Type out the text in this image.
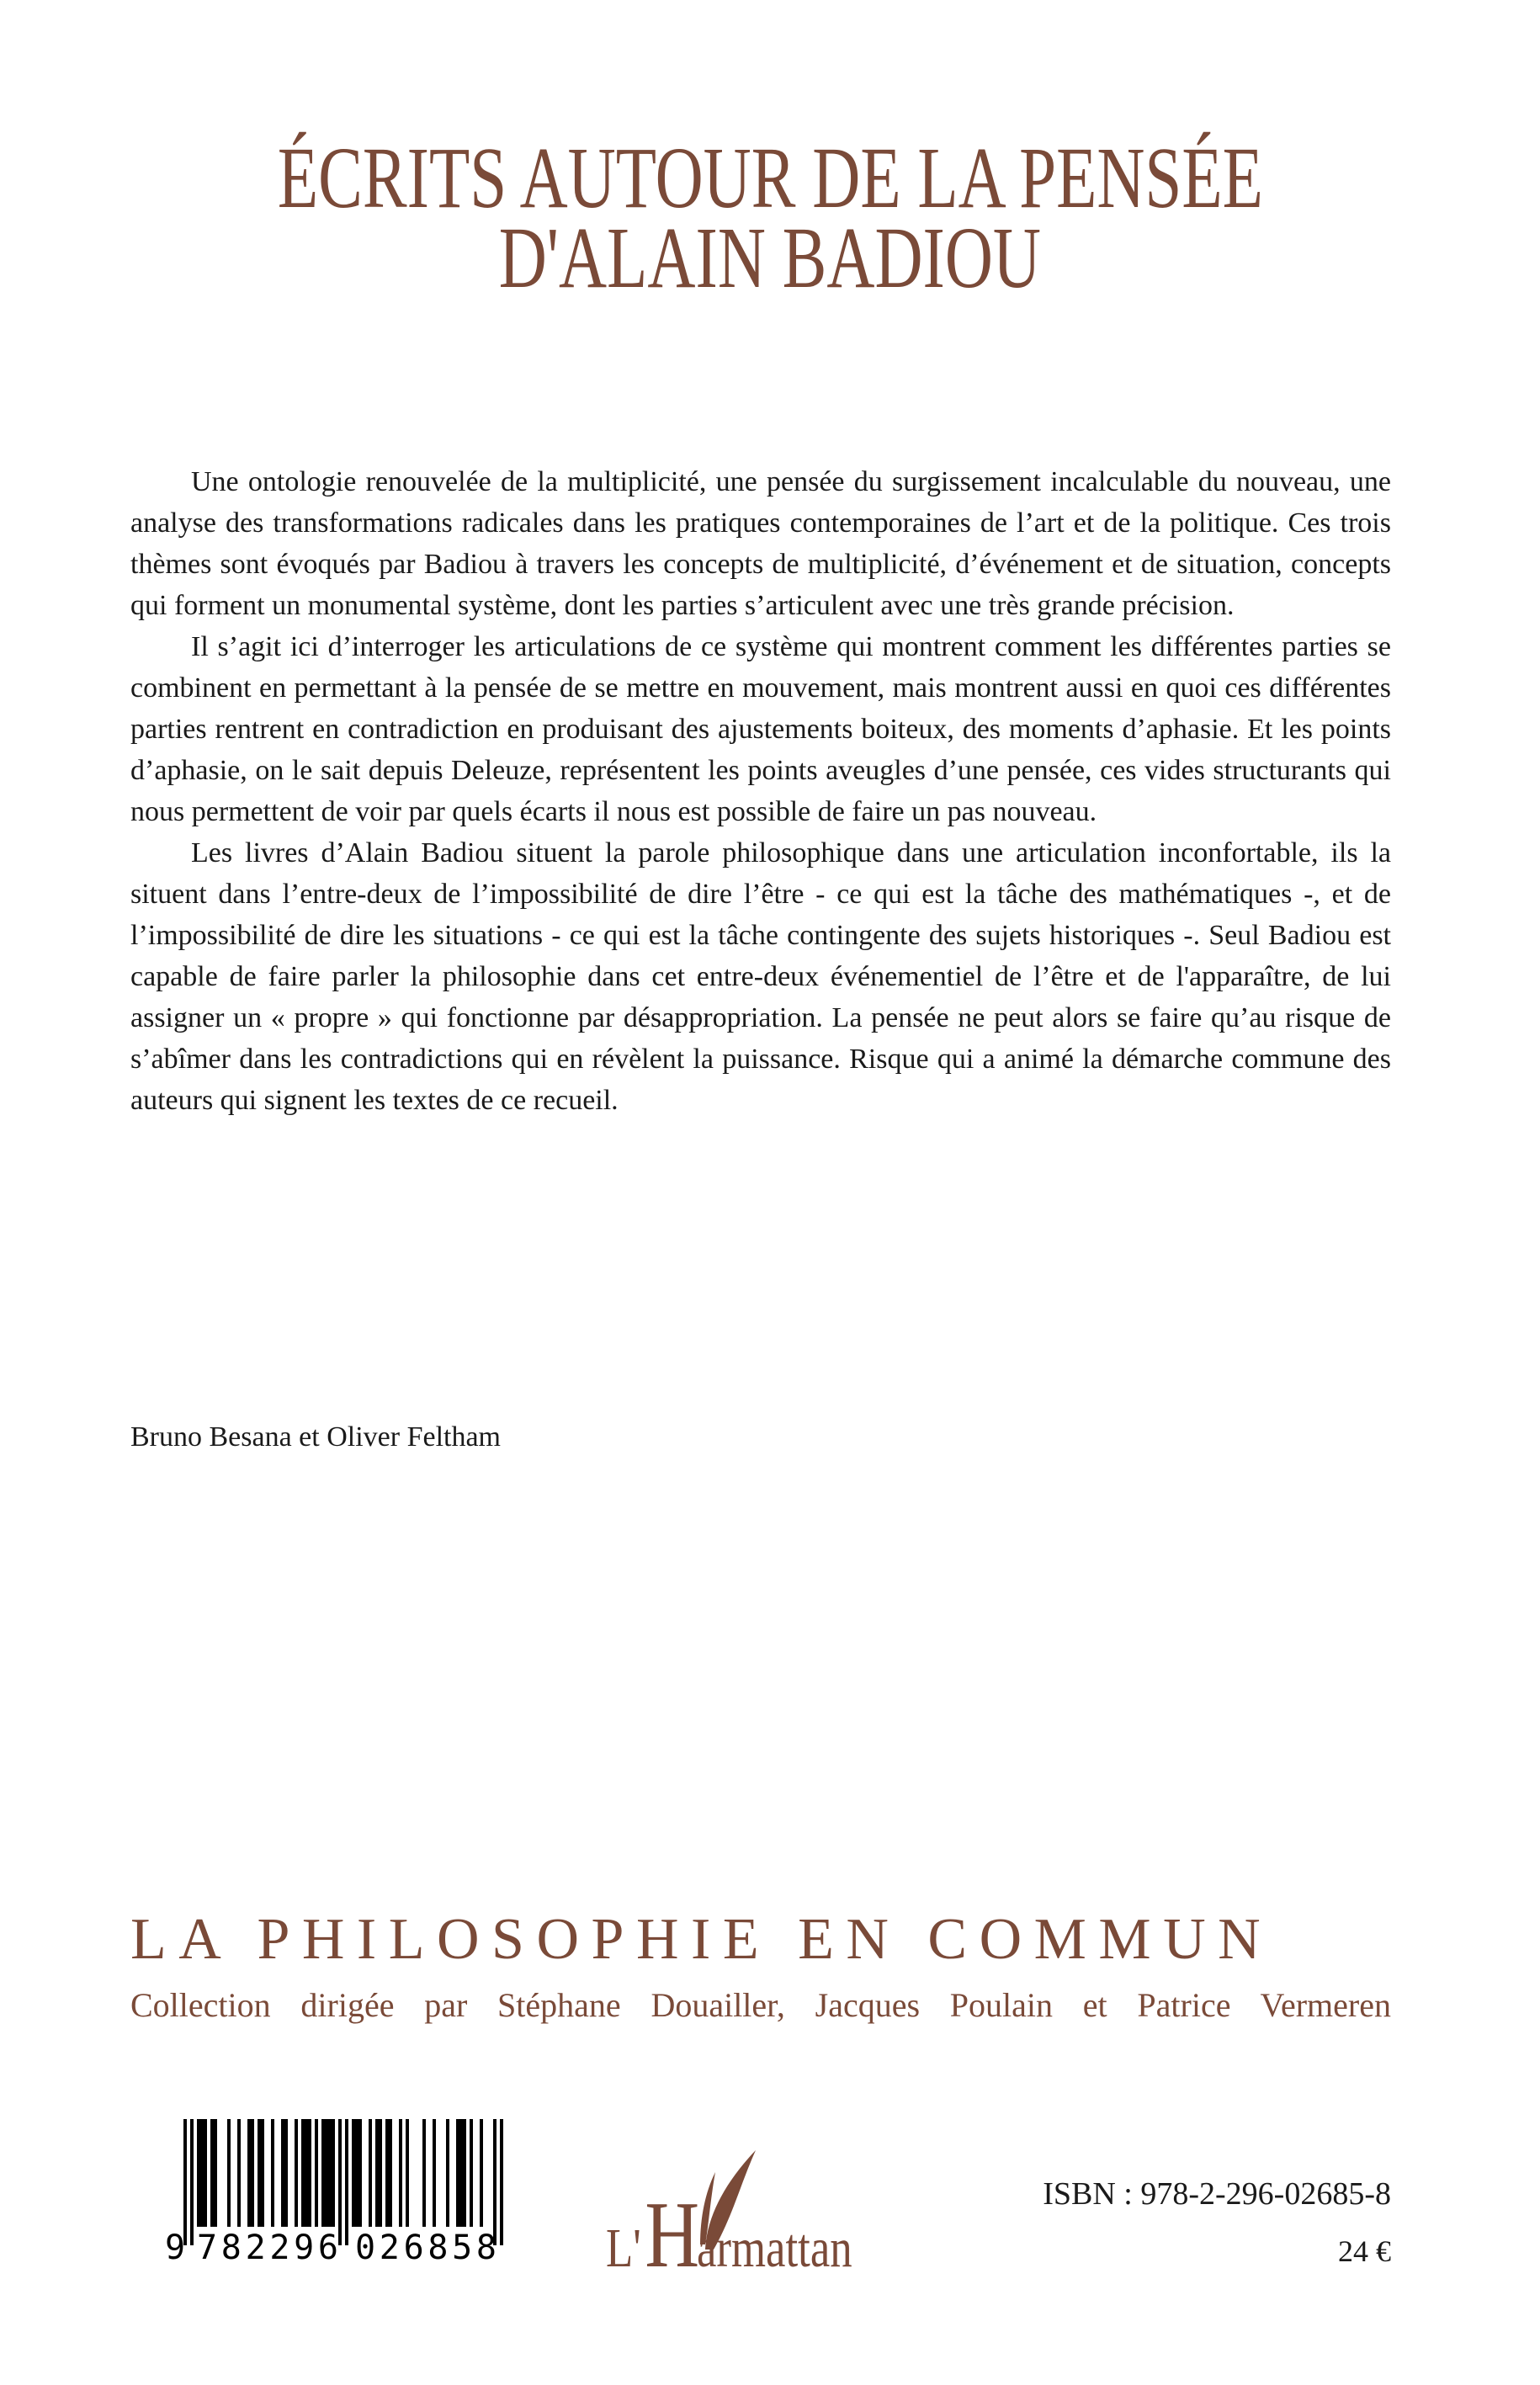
ÉCRITS AUTOUR DE LA PENSÉE
D'ALAIN BADIOU

Une ontologie renouvelée de la multiplicité, une pensée du surgissement incalculable du nouveau, une analyse des transformations radicales dans les pratiques contemporaines de l’art et de la politique. Ces trois thèmes sont évoqués par Badiou à travers les concepts de multiplicité, d’événement et de situation, concepts qui forment un monumental système, dont les parties s’articulent avec une très grande précision.

Il s’agit ici d’interroger les articulations de ce système qui montrent comment les différentes parties se combinent en permettant à la pensée de se mettre en mouvement, mais montrent aussi en quoi ces différentes parties rentrent en contradiction en produisant des ajustements boiteux, des moments d’aphasie. Et les points d’aphasie, on le sait depuis Deleuze, représentent les points aveugles d’une pensée, ces vides structurants qui nous permettent de voir par quels écarts il nous est possible de faire un pas nouveau.

Les livres d’Alain Badiou situent la parole philosophique dans une articulation inconfortable, ils la situent dans l’entre-deux de l’impossibilité de dire l’être - ce qui est la tâche des mathématiques -, et de l’impossibilité de dire les situations - ce qui est la tâche contingente des sujets historiques -. Seul Badiou est capable de faire parler la philosophie dans cet entre-deux événementiel de l’être et de l'apparaître, de lui assigner un « propre » qui fonctionne par désappropriation. La pensée ne peut alors se faire qu’au risque de s’abîmer dans les contradictions qui en révèlent la puissance. Risque qui a animé la démarche commune des auteurs qui signent les textes de ce recueil.

Bruno Besana et Oliver Feltham
LA PHILOSOPHIE EN COMMUN
Collection dirigée par Stéphane Douailler, Jacques Poulain et Patrice Vermeren
9 782296 026858 L' H
armattan
ISBN : 978-2-296-02685-8
24 €
